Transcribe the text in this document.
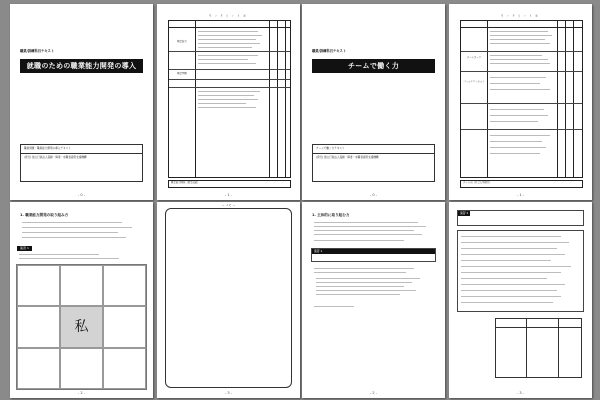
職業/訓練科目テキスト
就職のための職業能力開発の導入
職業訓練・職業能力開発の導入テキスト
(発行) 独立行政法人高齢・障害・求職者雇用支援機構
- 0 -
ﾜ ｰ ｸ ｼ ｰ ﾄ ①
職業能力
職業理解
職業能力開発（就業技能）
- 1 -
職業/訓練科目テキスト
チームで働く力
チームで働く力テキスト
(発行) 独立行政法人高齢・障害・求職者雇用支援機構
- 0 -
ﾜ ｰ ｸ ｼ ｰ ﾄ ①
チームワーク
コミュニケーション
チーム内（社会人基礎力）
- 1 -
1. 職業能力開発の取り組み方
演習 1
私
- 2 -
ー メモ ー
- 3 -
1. 主体的に取り組む力
演習 1
- 2 -
演習 2
- 3 -
